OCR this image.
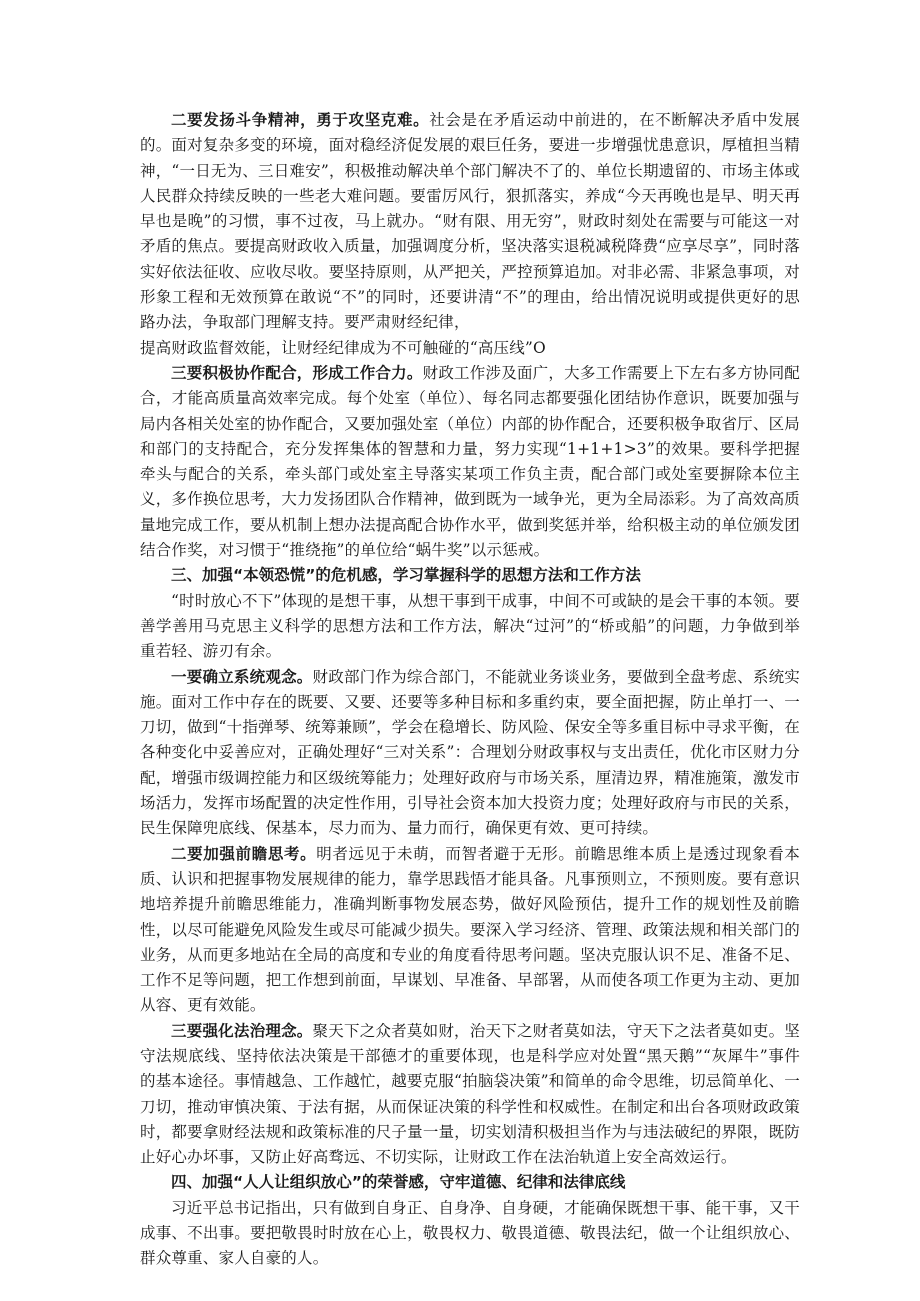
二要发扬斗争精神，勇于攻坚克难。社会是在矛盾运动中前进的，在不断解决矛盾中发展的。面对复杂多变的环境，面对稳经济促发展的艰巨任务，要进一步增强忧患意识，厚植担当精神，“一日无为、三日难安”，积极推动解决单个部门解决不了的、单位长期遗留的、市场主体或人民群众持续反映的一些老大难问题。要雷厉风行，狠抓落实，养成“今天再晚也是早、明天再早也是晚”的习惯，事不过夜，马上就办。“财有限、用无穷”，财政时刻处在需要与可能这一对矛盾的焦点。要提高财政收入质量，加强调度分析，坚决落实退税减税降费“应享尽享”，同时落实好依法征收、应收尽收。要坚持原则，从严把关，严控预算追加。对非必需、非紧急事项，对形象工程和无效预算在敢说“不”的同时，还要讲清“不”的理由，给出情况说明或提供更好的思路办法，争取部门理解支持。要严肃财经纪律，

提高财政监督效能，让财经纪律成为不可触碰的“高压线”O

三要积极协作配合，形成工作合力。财政工作涉及面广，大多工作需要上下左右多方协同配合，才能高质量高效率完成。每个处室（单位）、每名同志都要强化团结协作意识，既要加强与局内各相关处室的协作配合，又要加强处室（单位）内部的协作配合，还要积极争取省厅、区局和部门的支持配合，充分发挥集体的智慧和力量，努力实现“1+1+1>3”的效果。要科学把握牵头与配合的关系，牵头部门或处室主导落实某项工作负主责，配合部门或处室要摒除本位主义，多作换位思考，大力发扬团队合作精神，做到既为一域争光，更为全局添彩。为了高效高质量地完成工作，要从机制上想办法提高配合协作水平，做到奖惩并举，给积极主动的单位颁发团结合作奖，对习惯于“推绕拖”的单位给“蜗牛奖”以示惩戒。

三、加强“本领恐慌”的危机感，学习掌握科学的思想方法和工作方法

“时时放心不下”体现的是想干事，从想干事到干成事，中间不可或缺的是会干事的本领。要善学善用马克思主义科学的思想方法和工作方法，解决“过河”的“桥或船”的问题，力争做到举重若轻、游刃有余。

一要确立系统观念。财政部门作为综合部门，不能就业务谈业务，要做到全盘考虑、系统实施。面对工作中存在的既要、又要、还要等多种目标和多重约束，要全面把握，防止单打一、一刀切，做到“十指弹琴、统筹兼顾”，学会在稳增长、防风险、保安全等多重目标中寻求平衡，在各种变化中妥善应对，正确处理好“三对关系”：合理划分财政事权与支出责任，优化市区财力分配，增强市级调控能力和区级统筹能力；处理好政府与市场关系，厘清边界，精准施策，激发市场活力，发挥市场配置的决定性作用，引导社会资本加大投资力度；处理好政府与市民的关系，民生保障兜底线、保基本，尽力而为、量力而行，确保更有效、更可持续。

二要加强前瞻思考。明者远见于未萌，而智者避于无形。前瞻思维本质上是透过现象看本质、认识和把握事物发展规律的能力，靠学思践悟才能具备。凡事预则立，不预则废。要有意识地培养提升前瞻思维能力，准确判断事物发展态势，做好风险预估，提升工作的规划性及前瞻性，以尽可能避免风险发生或尽可能减少损失。要深入学习经济、管理、政策法规和相关部门的业务，从而更多地站在全局的高度和专业的角度看待思考问题。坚决克服认识不足、准备不足、工作不足等问题，把工作想到前面，早谋划、早准备、早部署，从而使各项工作更为主动、更加从容、更有效能。

三要强化法治理念。聚天下之众者莫如财，治天下之财者莫如法，守天下之法者莫如吏。坚守法规底线、坚持依法决策是干部德才的重要体现，也是科学应对处置“黑天鹅”“灰犀牛”事件的基本途径。事情越急、工作越忙，越要克服“拍脑袋决策”和简单的命令思维，切忌简单化、一刀切，推动审慎决策、于法有据，从而保证决策的科学性和权威性。在制定和出台各项财政政策时，都要拿财经法规和政策标准的尺子量一量，切实划清积极担当作为与违法破纪的界限，既防止好心办坏事，又防止好高骛远、不切实际，让财政工作在法治轨道上安全高效运行。

四、加强“人人让组织放心”的荣誉感，守牢道德、纪律和法律底线

习近平总书记指出，只有做到自身正、自身净、自身硬，才能确保既想干事、能干事，又干成事、不出事。要把敬畏时时放在心上，敬畏权力、敬畏道德、敬畏法纪，做一个让组织放心、群众尊重、家人自豪的人。
